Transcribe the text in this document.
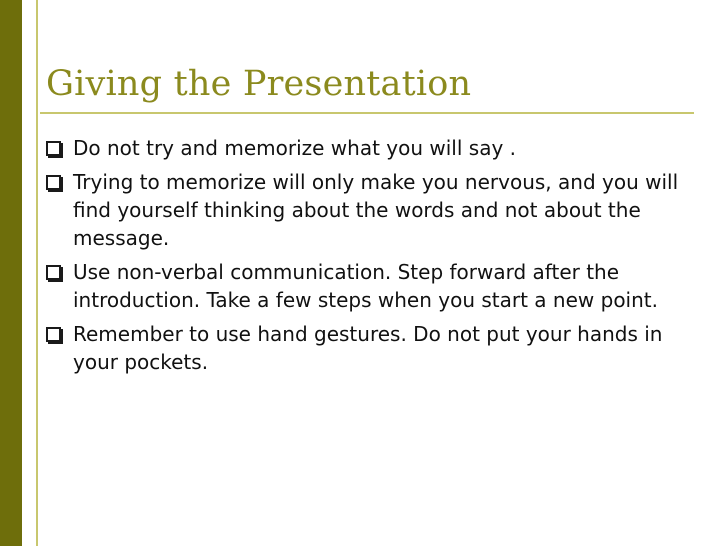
Giving the Presentation
Do not try and memorize what you will say .
Trying to memorize will only make you nervous, and you will find yourself thinking about the words and not about the message.
Use non-verbal communication. Step forward after the introduction. Take a few steps when you start a new point.
Remember to use hand gestures. Do not put your hands in your pockets.
